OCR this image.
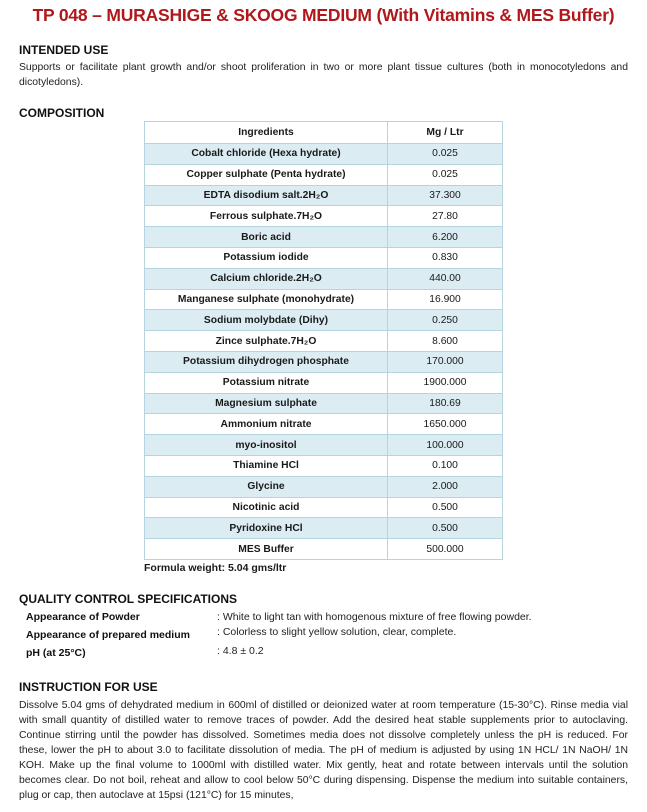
TP 048 – MURASHIGE & SKOOG MEDIUM (With Vitamins & MES Buffer)
INTENDED USE
Supports or facilitate plant growth and/or shoot proliferation in two or more plant tissue cultures (both in monocotyledons and dicotyledons).
COMPOSITION
Ingredients	Mg / Ltr
Cobalt chloride (Hexa hydrate)	0.025
Copper sulphate (Penta hydrate)	0.025
EDTA disodium salt.2H₂O	37.300
Ferrous sulphate.7H₂O	27.80
Boric acid	6.200
Potassium iodide	0.830
Calcium chloride.2H₂O	440.00
Manganese sulphate (monohydrate)	16.900
Sodium molybdate (Dihy)	0.250
Zince sulphate.7H₂O	8.600
Potassium dihydrogen phosphate	170.000
Potassium nitrate	1900.000
Magnesium sulphate	180.69
Ammonium nitrate	1650.000
myo-inositol	100.000
Thiamine HCl	0.100
Glycine	2.000
Nicotinic acid	0.500
Pyridoxine HCl	0.500
MES Buffer	500.000
Formula weight: 5.04 gms/ltr
QUALITY CONTROL SPECIFICATIONS
Appearance of Powder	: White to light tan with homogenous mixture of free flowing powder.
Appearance of prepared medium	: Colorless to slight yellow solution, clear, complete.
pH (at 25°C)	: 4.8 ± 0.2
INSTRUCTION FOR USE
Dissolve 5.04 gms of dehydrated medium in 600ml of distilled or deionized water at room temperature (15-30°C). Rinse media vial with small quantity of distilled water to remove traces of powder. Add the desired heat stable supplements prior to autoclaving. Continue stirring until the powder has dissolved. Sometimes media does not dissolve completely unless the pH is reduced. For these, lower the pH to about 3.0 to facilitate dissolution of media. The pH of medium is adjusted by using 1N HCL/ 1N NaOH/ 1N KOH. Make up the final volume to 1000ml with distilled water. Mix gently, heat and rotate between intervals until the solution becomes clear. Do not boil, reheat and allow to cool below 50°C during dispensing. Dispense the medium into suitable containers, plug or cap, then autoclave at 15psi (121°C) for 15 minutes,
